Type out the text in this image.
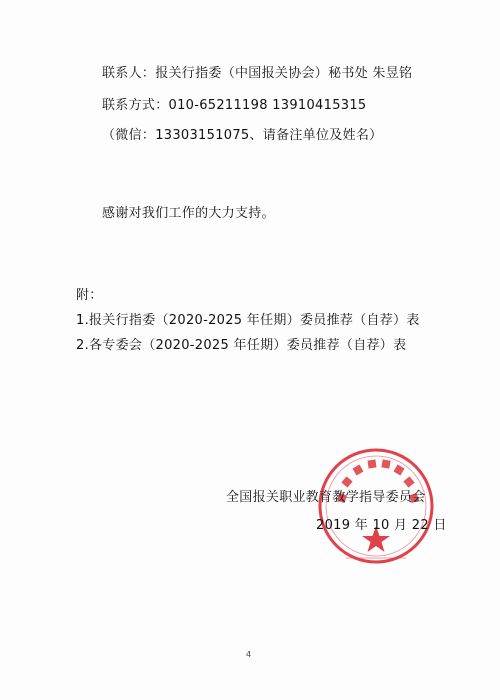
联系人：报关行指委（中国报关协会）秘书处 朱昱铭
联系方式：010-65211198 13910415315
（微信：13303151075、请备注单位及姓名）
感谢对我们工作的大力支持。
附：
1.报关行指委（2020-2025 年任期）委员推荐（自荐）表
2.各专委会（2020-2025 年任期）委员推荐（自荐）表
全国报关职业教育教学指导委员会
2019 年 10 月 22 日
4
